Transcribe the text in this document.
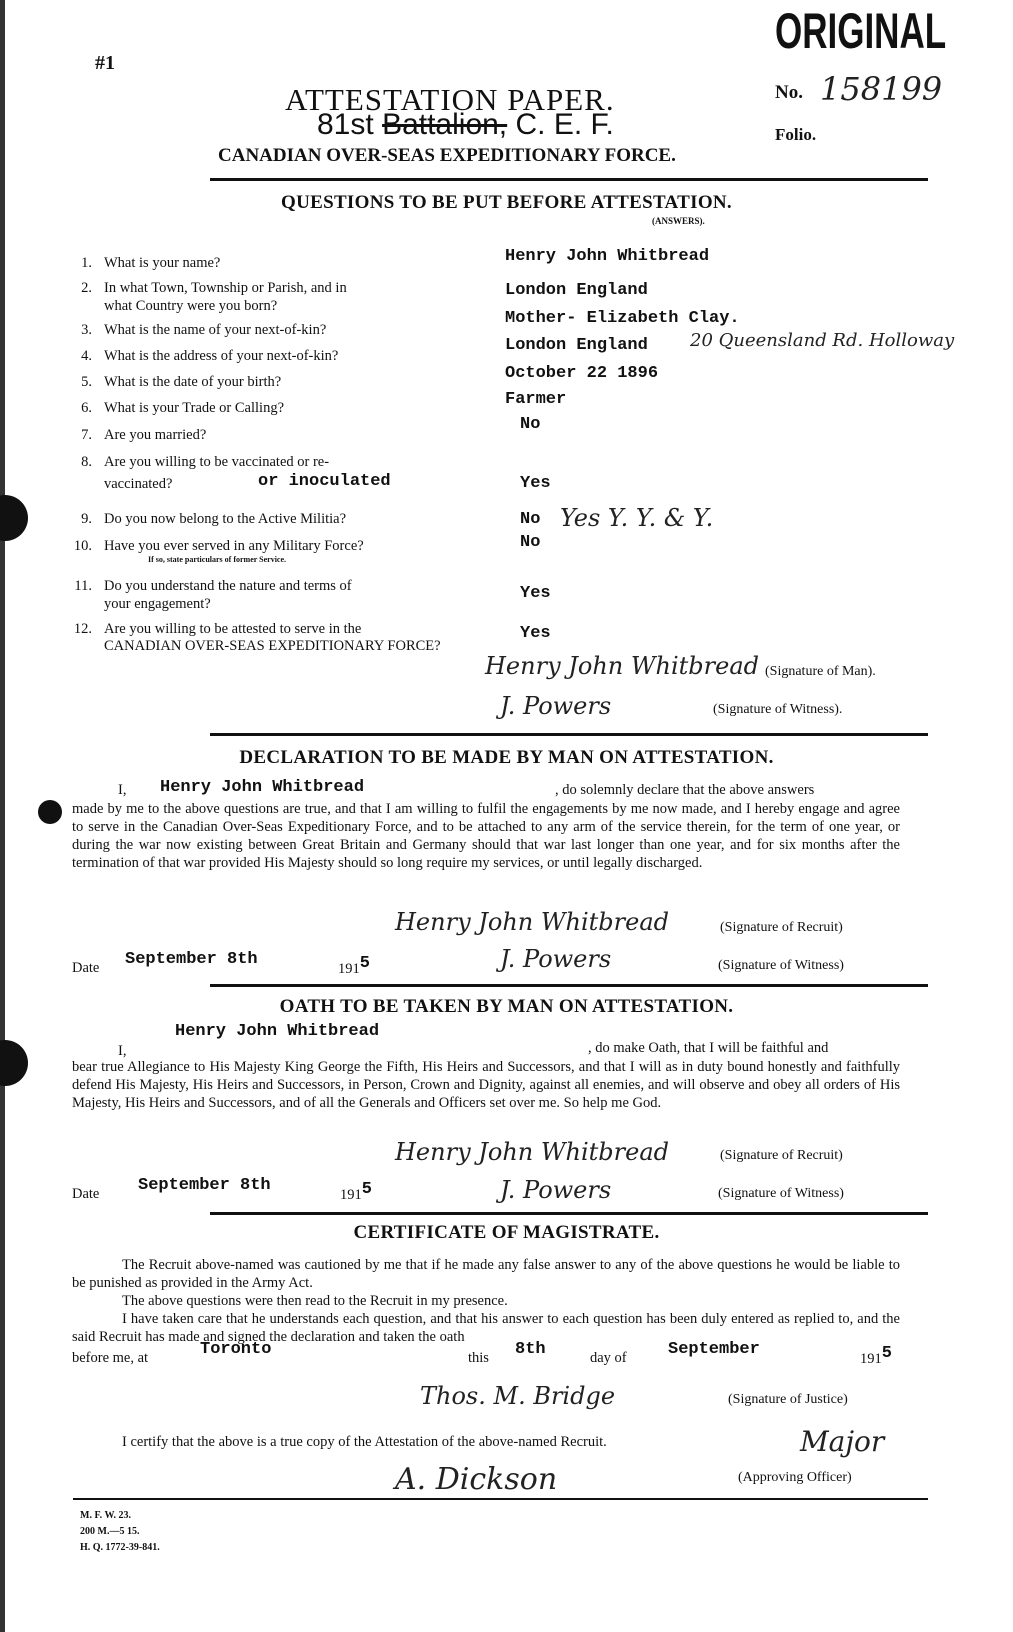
ORIGINAL
#1
ATTESTATION PAPER.
81st Battalion, C. E. F.
CANADIAN OVER-SEAS EXPEDITIONARY FORCE.
No. 158199
Folio.
QUESTIONS TO BE PUT BEFORE ATTESTATION.
(ANSWERS).
1. What is your name?	Henry John Whitbread
2. In what Town, Township or Parish, and in
what Country were you born?
London England
3. What is the name of your next-of-kin?
Mother- Elizabeth Clay.
4. What is the address of your next-of-kin?
London England 20 Queensland Rd. Holloway
5. What is the date of your birth?	October 22 1896
6. What is your Trade or Calling?	Farmer
7. Are you married?
No
8. Are you willing to be vaccinated or re-
vaccinated?	or inoculated	Yes
9. Do you now belong to the Active Militia?	No Yes Y. Y. & Y.
10. Have you ever served in any Military Force?
If so, state particulars of former Service.
No
11. Do you understand the nature and terms of
your engagement?
Yes
12. Are you willing to be attested to serve in the
CANADIAN OVER-SEAS EXPEDITIONARY FORCE?
Yes
Henry John Whitbread (Signature of Man).
J. Powers	(Signature of Witness).
DECLARATION TO BE MADE BY MAN ON ATTESTATION.
I, Henry John Whitbread	, do solemnly declare that the above answers
made by me to the above questions are true, and that I am willing to fulfil the engagements by me now made, and I hereby engage and agree to serve in the Canadian Over-Seas Expeditionary Force, and to be attached to any arm of the service therein, for the term of one year, or during the war now existing between Great Britain and Germany should that war last longer than one year, and for six months after the termination of that war provided His Majesty should so long require my services, or until legally discharged.
Henry John Whitbread	(Signature of Recruit)
Date September 8th	1915	J. Powers	(Signature of Witness)
OATH TO BE TAKEN BY MAN ON ATTESTATION.
I,
Henry John Whitbread
, do make Oath, that I will be faithful and
bear true Allegiance to His Majesty King George the Fifth, His Heirs and Successors, and that I will as in duty bound honestly and faithfully defend His Majesty, His Heirs and Successors, in Person, Crown and Dignity, against all enemies, and will observe and obey all orders of His Majesty, His Heirs and Successors, and of all the Generals and Officers set over me. So help me God.
Henry John Whitbread	(Signature of Recruit)
Date September 8th	1915	J. Powers	(Signature of Witness)
CERTIFICATE OF MAGISTRATE.
The Recruit above-named was cautioned by me that if he made any false answer to any of the above questions he would be liable to be punished as provided in the Army Act.
The above questions were then read to the Recruit in my presence.
I have taken care that he understands each question, and that his answer to each question has been duly entered as replied to, and the said Recruit has made and signed the declaration and taken the oath
before me, at	Toronto	this 8th	day of September	1915
Thos. M. Bridge	(Signature of Justice)
I certify that the above is a true copy of the Attestation of the above-named Recruit.	Major
A. Dickson	(Approving Officer)
M. F. W. 23.
200 M.—5 15.
H. Q. 1772-39-841.
